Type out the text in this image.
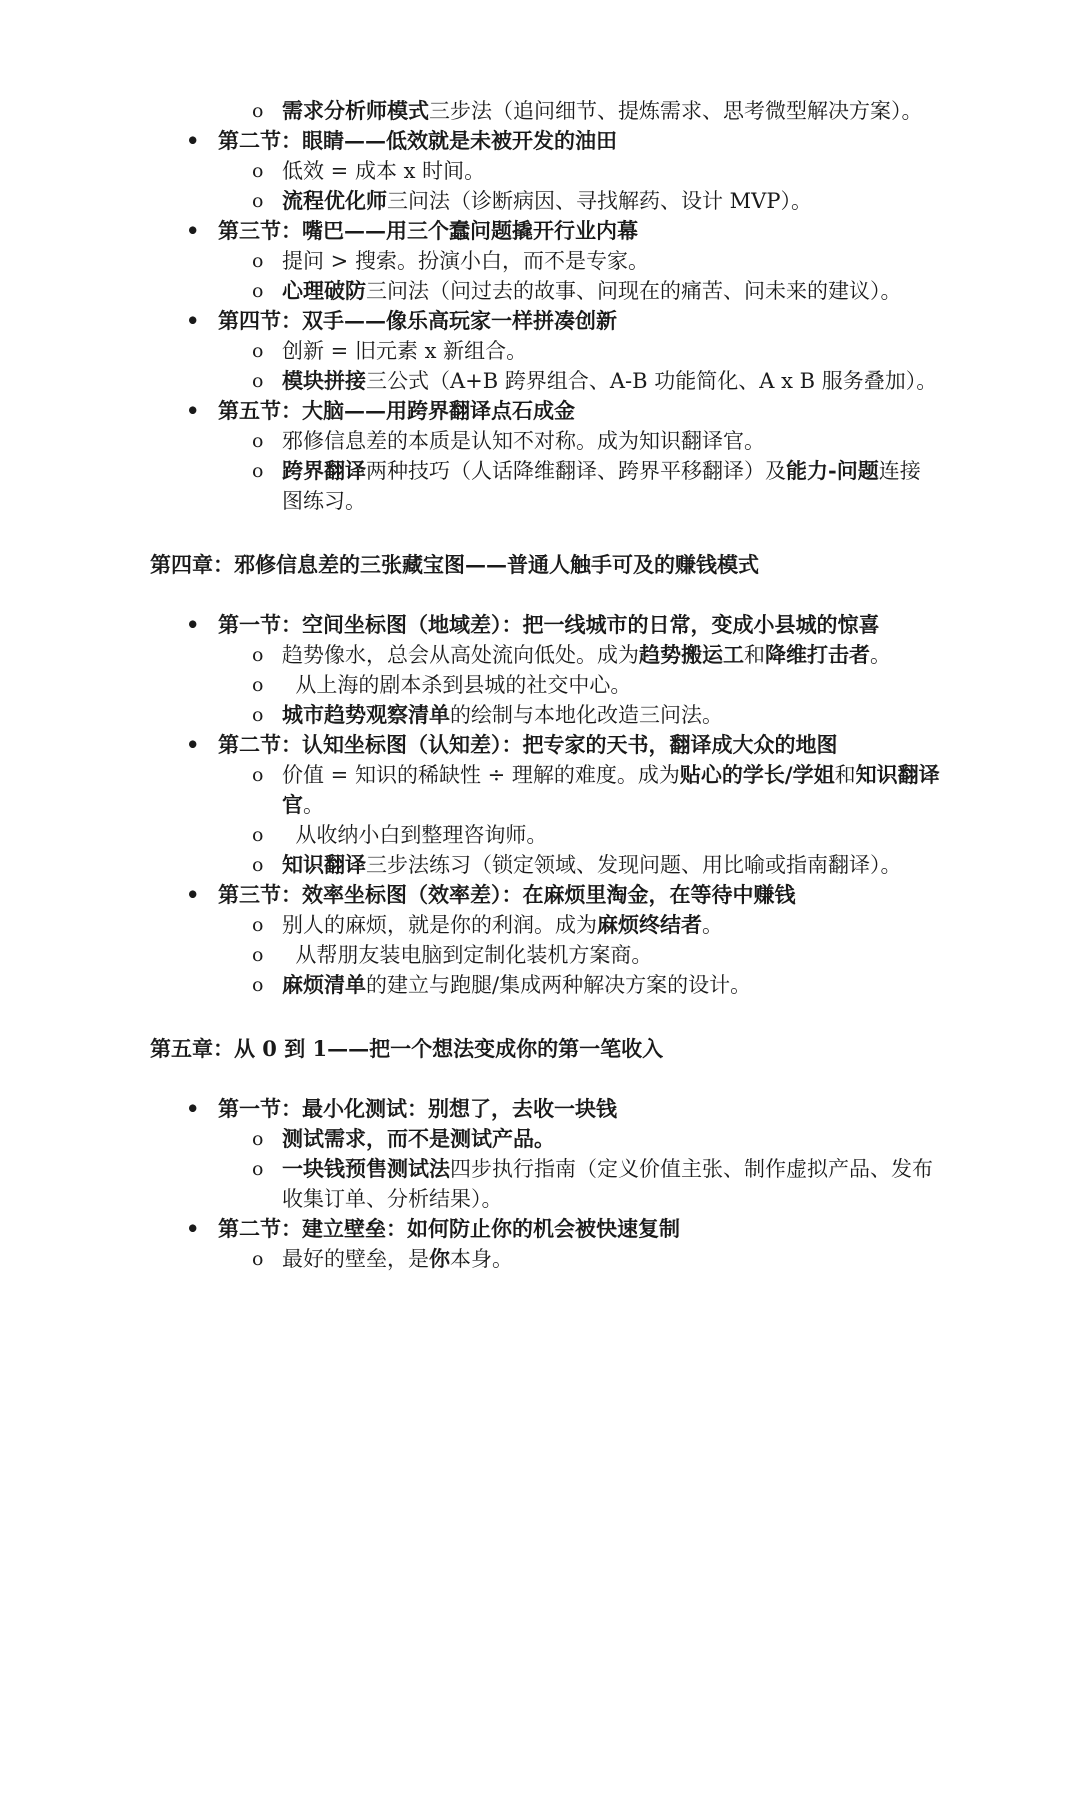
o 需求分析师模式三步法（追问细节、提炼需求、思考微型解决方案）。
• 第二节：眼睛——低效就是未被开发的油田
o 低效 = 成本 x 时间。
o 流程优化师三问法（诊断病因、寻找解药、设计 MVP）。
• 第三节：嘴巴——用三个蠢问题撬开行业内幕
o 提问 > 搜索。扮演小白，而不是专家。
o 心理破防三问法（问过去的故事、问现在的痛苦、问未来的建议）。
• 第四节：双手——像乐高玩家一样拼凑创新
o 创新 = 旧元素 x 新组合。
o 模块拼接三公式（A+B 跨界组合、A-B 功能简化、A x B 服务叠加）。
• 第五节：大脑——用跨界翻译点石成金
o 邪修信息差的本质是认知不对称。成为知识翻译官。
o 跨界翻译两种技巧（人话降维翻译、跨界平移翻译）及能力-问题连接图练习。
第四章：邪修信息差的三张藏宝图——普通人触手可及的赚钱模式
• 第一节：空间坐标图（地域差）：把一线城市的日常，变成小县城的惊喜
o 趋势像水，总会从高处流向低处。成为趋势搬运工和降维打击者。
o 从上海的剧本杀到县城的社交中心。
o 城市趋势观察清单的绘制与本地化改造三问法。
• 第二节：认知坐标图（认知差）：把专家的天书，翻译成大众的地图
o 价值 = 知识的稀缺性 ÷ 理解的难度。成为贴心的学长/学姐和知识翻译官。
o 从收纳小白到整理咨询师。
o 知识翻译三步法练习（锁定领域、发现问题、用比喻或指南翻译）。
• 第三节：效率坐标图（效率差）：在麻烦里淘金，在等待中赚钱
o 别人的麻烦，就是你的利润。成为麻烦终结者。
o 从帮朋友装电脑到定制化装机方案商。
o 麻烦清单的建立与跑腿/集成两种解决方案的设计。
第五章：从 0 到 1——把一个想法变成你的第一笔收入
• 第一节：最小化测试：别想了，去收一块钱
o 测试需求，而不是测试产品。
o 一块钱预售测试法四步执行指南（定义价值主张、制作虚拟产品、发布收集订单、分析结果）。
• 第二节：建立壁垒：如何防止你的机会被快速复制
o 最好的壁垒，是你本身。
